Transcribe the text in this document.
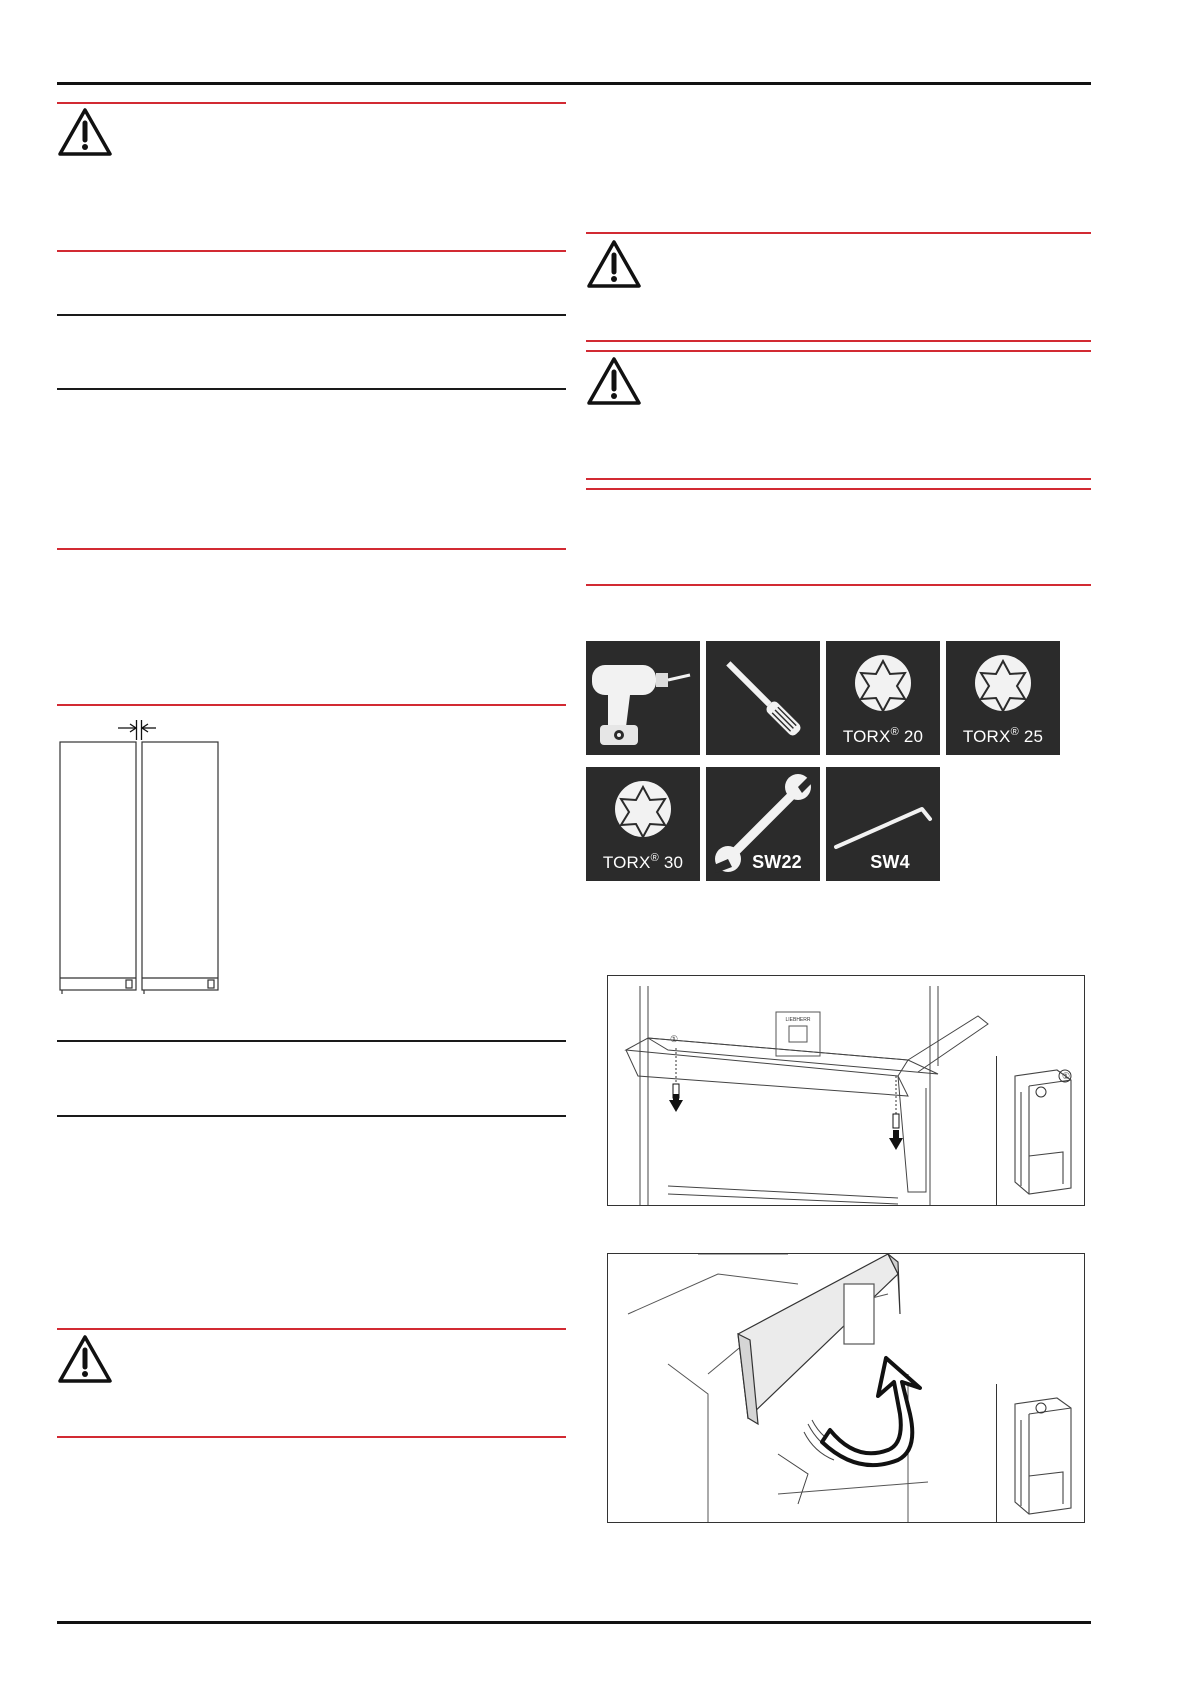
TORX® 20	TORX® 25
TORX® 30	SW22	SW4
LIEBHERR
①
①
